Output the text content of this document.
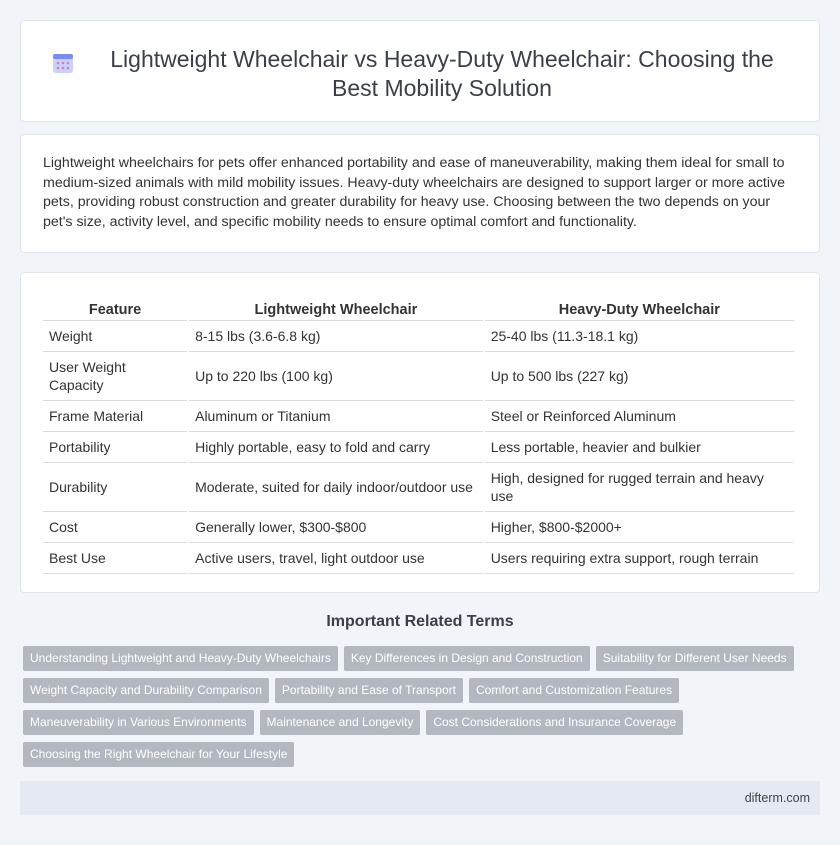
Lightweight Wheelchair vs Heavy-Duty Wheelchair: Choosing the Best Mobility Solution

Lightweight wheelchairs for pets offer enhanced portability and ease of maneuverability, making them ideal for small to medium-sized animals with mild mobility issues. Heavy-duty wheelchairs are designed to support larger or more active pets, providing robust construction and greater durability for heavy use. Choosing between the two depends on your pet's size, activity level, and specific mobility needs to ensure optimal comfort and functionality.

Feature	Lightweight Wheelchair	Heavy-Duty Wheelchair
Weight	8-15 lbs (3.6-6.8 kg)	25-40 lbs (11.3-18.1 kg)
User Weight Capacity	Up to 220 lbs (100 kg)	Up to 500 lbs (227 kg)
Frame Material	Aluminum or Titanium	Steel or Reinforced Aluminum
Portability	Highly portable, easy to fold and carry	Less portable, heavier and bulkier
Durability	Moderate, suited for daily indoor/outdoor use	High, designed for rugged terrain and heavy use
Cost	Generally lower, $300-$800	Higher, $800-$2000+
Best Use	Active users, travel, light outdoor use	Users requiring extra support, rough terrain
Important Related Terms
Understanding Lightweight and Heavy-Duty Wheelchairs	Key Differences in Design and Construction	Suitability for Different User Needs
Weight Capacity and Durability Comparison	Portability and Ease of Transport	Comfort and Customization Features
Maneuverability in Various Environments	Maintenance and Longevity	Cost Considerations and Insurance Coverage
Choosing the Right Wheelchair for Your Lifestyle
difterm.com
